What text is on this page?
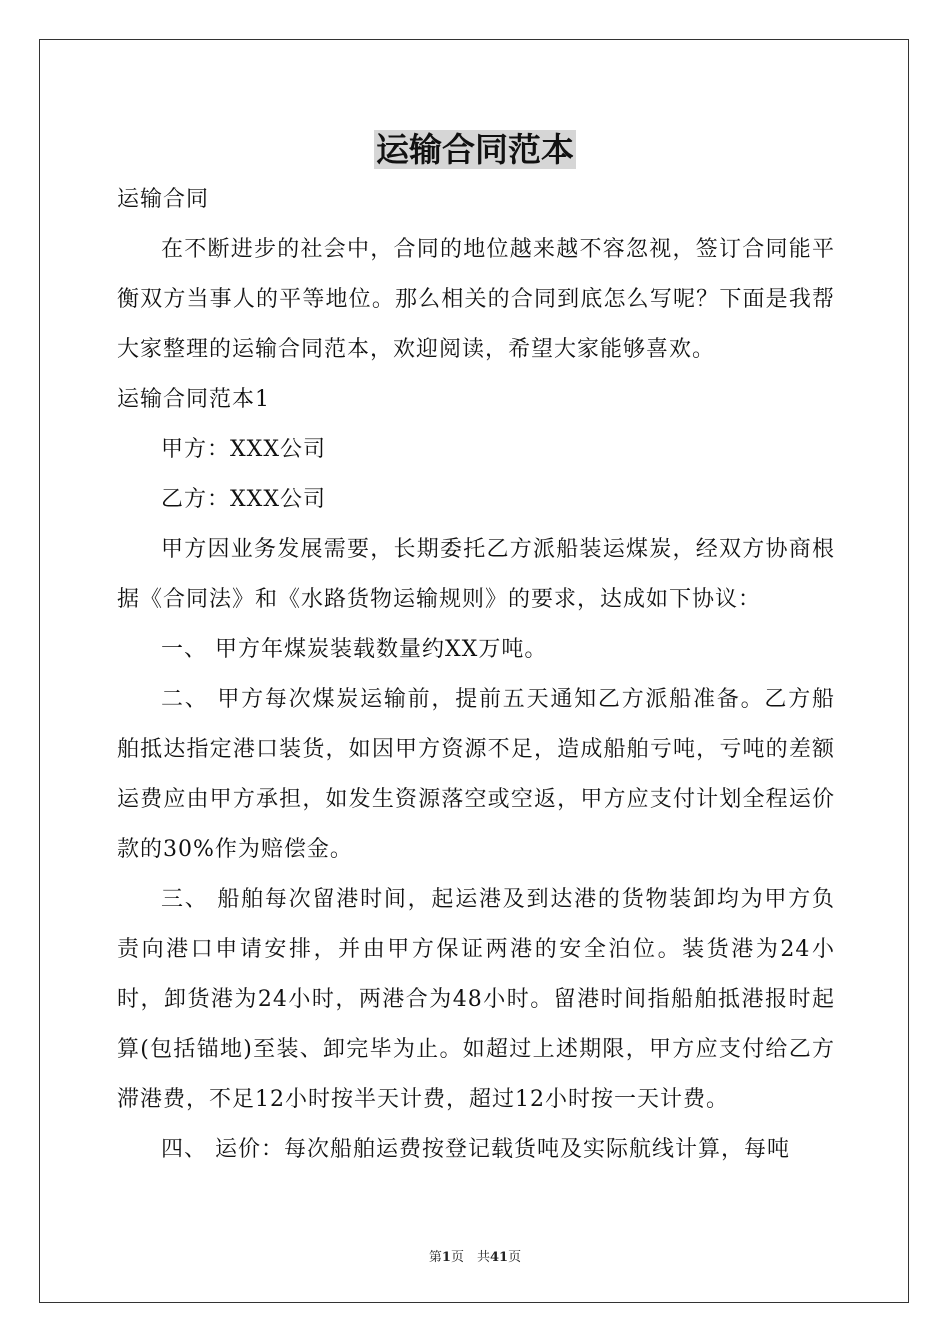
运输合同范本
运输合同
在不断进步的社会中，合同的地位越来越不容忽视，签订合同能平衡双方当事人的平等地位。那么相关的合同到底怎么写呢？下面是我帮大家整理的运输合同范本，欢迎阅读，希望大家能够喜欢。
运输合同范本1
甲方：XXX公司
乙方：XXX公司
甲方因业务发展需要，长期委托乙方派船装运煤炭，经双方协商根据《合同法》和《水路货物运输规则》的要求，达成如下协议：
一、 甲方年煤炭装载数量约XX万吨。
二、 甲方每次煤炭运输前，提前五天通知乙方派船准备。乙方船舶抵达指定港口装货，如因甲方资源不足，造成船舶亏吨，亏吨的差额运费应由甲方承担，如发生资源落空或空返，甲方应支付计划全程运价款的30%作为赔偿金。
三、 船舶每次留港时间，起运港及到达港的货物装卸均为甲方负责向港口申请安排，并由甲方保证两港的安全泊位。装货港为24小时，卸货港为24小时，两港合为48小时。留港时间指船舶抵港报时起算(包括锚地)至装、卸完毕为止。如超过上述期限，甲方应支付给乙方滞港费，不足12小时按半天计费，超过12小时按一天计费。
四、 运价：每次船舶运费按登记载货吨及实际航线计算，每吨
第1页　共41页
